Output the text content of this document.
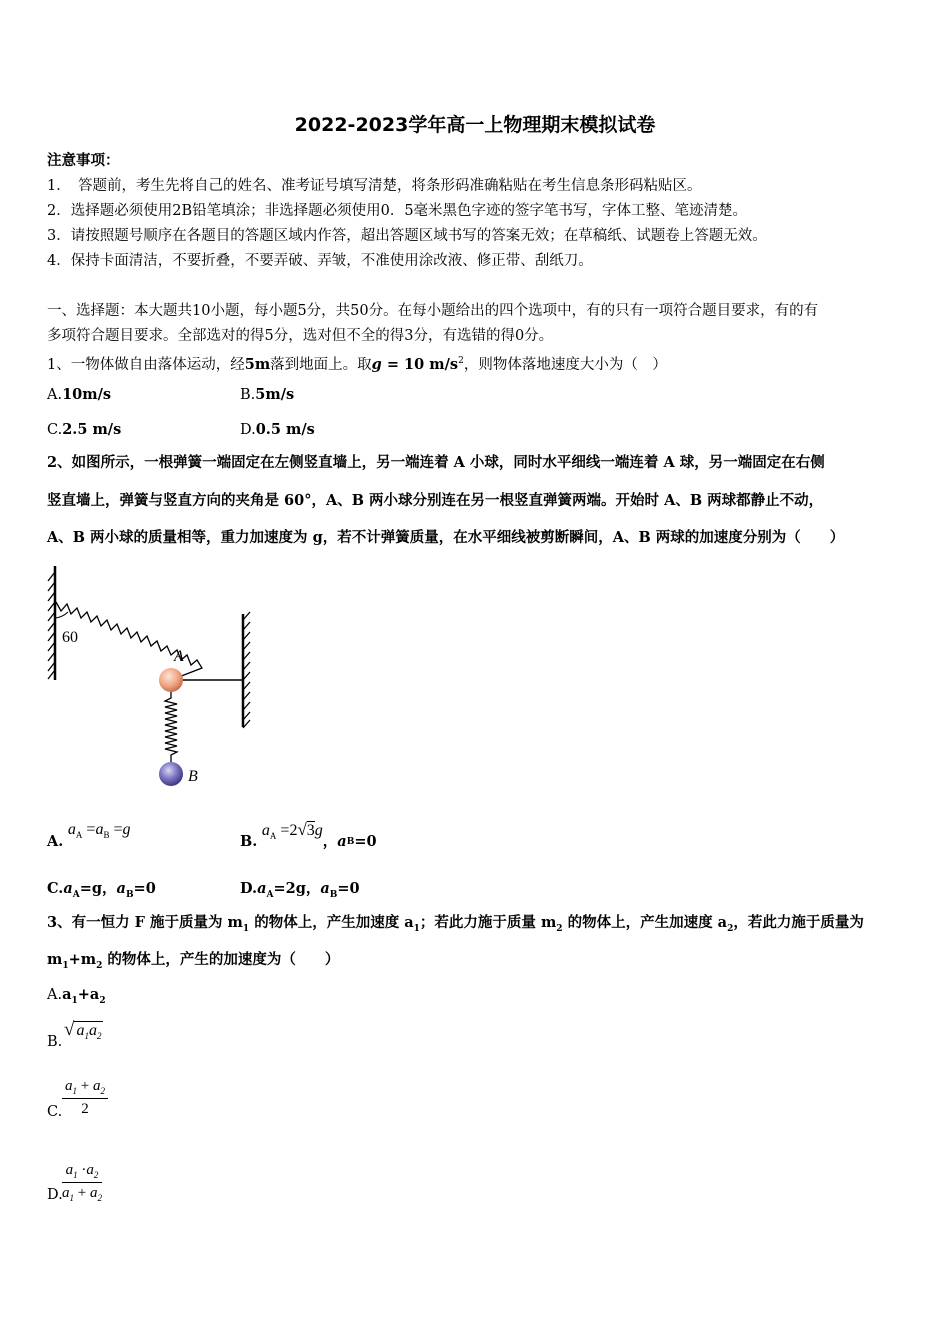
2022-2023学年高一上物理期末模拟试卷
注意事项：
1．　答题前，考生先将自己的姓名、准考证号填写清楚，将条形码准确粘贴在考生信息条形码粘贴区。
2．选择题必须使用2B铅笔填涂；非选择题必须使用0．5毫米黑色字迹的签字笔书写，字体工整、笔迹清楚。
3．请按照题号顺序在各题目的答题区域内作答，超出答题区域书写的答案无效；在草稿纸、试题卷上答题无效。
4．保持卡面清洁，不要折叠，不要弄破、弄皱，不准使用涂改液、修正带、刮纸刀。
一、选择题：本大题共10小题，每小题5分，共50分。在每小题给出的四个选项中，有的只有一项符合题目要求，有的有
多项符合题目要求。全部选对的得5分，选对但不全的得3分，有选错的得0分。
1、一物体做自由落体运动，经5m落到地面上。取g = 10 $m/s^2$，则物体落地速度大小为（　）
A.10m/s	B.5m/s
C.2.5 m/s	D.0.5 m/s
2、如图所示，一根弹簧一端固定在左侧竖直墙上，另一端连着 A 小球，同时水平细线一端连着 A 球，另一端固定在右侧
竖直墙上，弹簧与竖直方向的夹角是 60°，A、B 两小球分别连在另一根竖直弹簧两端。开始时 A、B 两球都静止不动，
A、B 两小球的质量相等，重力加速度为 g，若不计弹簧质量，在水平细线被剪断瞬间，A、B 两球的加速度分别为（　　）
60
A
B
A. $a_A =a_B =g$
B. $a_A =2√3g$，aB=0
$C.a_A=g$，$a_B=0$	$D.a_A=2g$，$a_B=0$
3、有一恒力 F 施于质量为 $m_1$ 的物体上，产生加速度 $a_1$；若此力施于质量 $m_2$ 的物体上，产生加速度 $a_2$，若此力施于质量为
$m_1+m_2$ 的物体上，产生的加速度为（　　）
$A.a_1+a_2$
B.
√ $a_1a_2$
C. $\frac{a_1 + a_2}{2}$
D. $\frac{a_1 \cdot a_2}{a_1 + a_2}$
